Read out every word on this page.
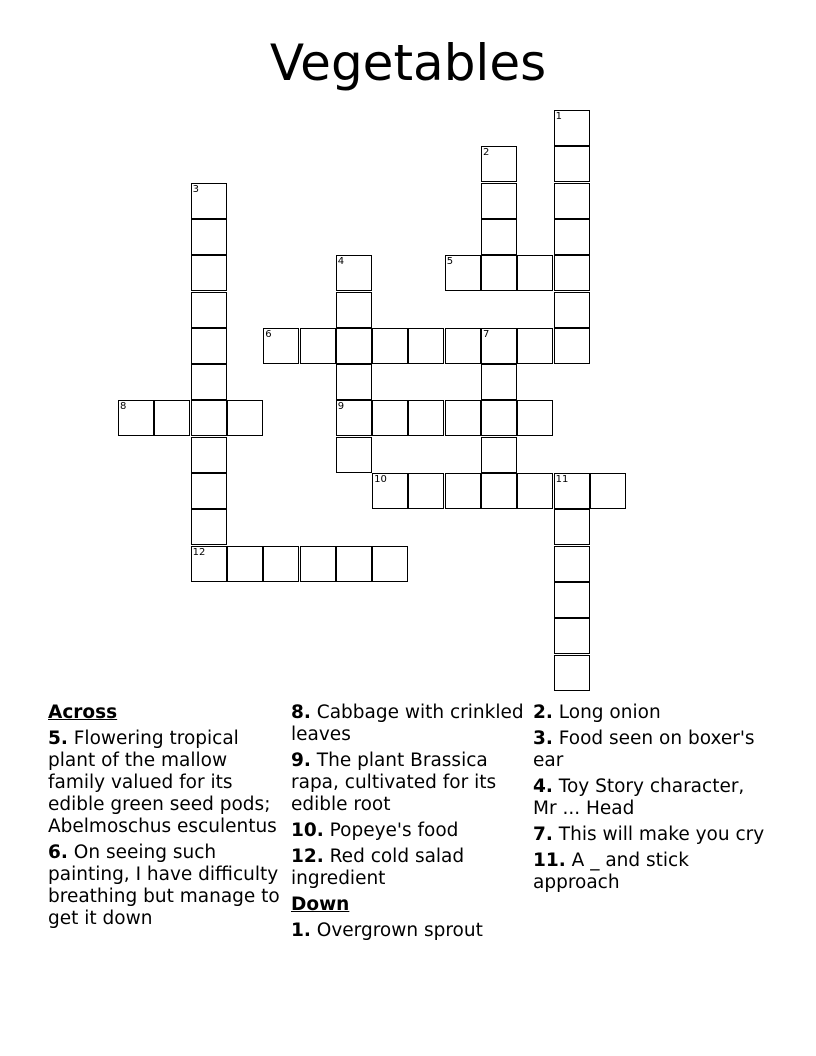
Vegetables
1
2
3
4	5
6	7
8	9
10	11
12
Across
5. Flowering tropical plant of the mallow family valued for its edible green seed pods; Abelmoschus esculentus
6. On seeing such painting, I have difficulty breathing but manage to get it down
8. Cabbage with crinkled leaves
9. The plant Brassica rapa, cultivated for its edible root
10. Popeye's food
12. Red cold salad ingredient
Down
1. Overgrown sprout
2. Long onion
3. Food seen on boxer's ear
4. Toy Story character, Mr ... Head
7. This will make you cry
11. A _ and stick approach
